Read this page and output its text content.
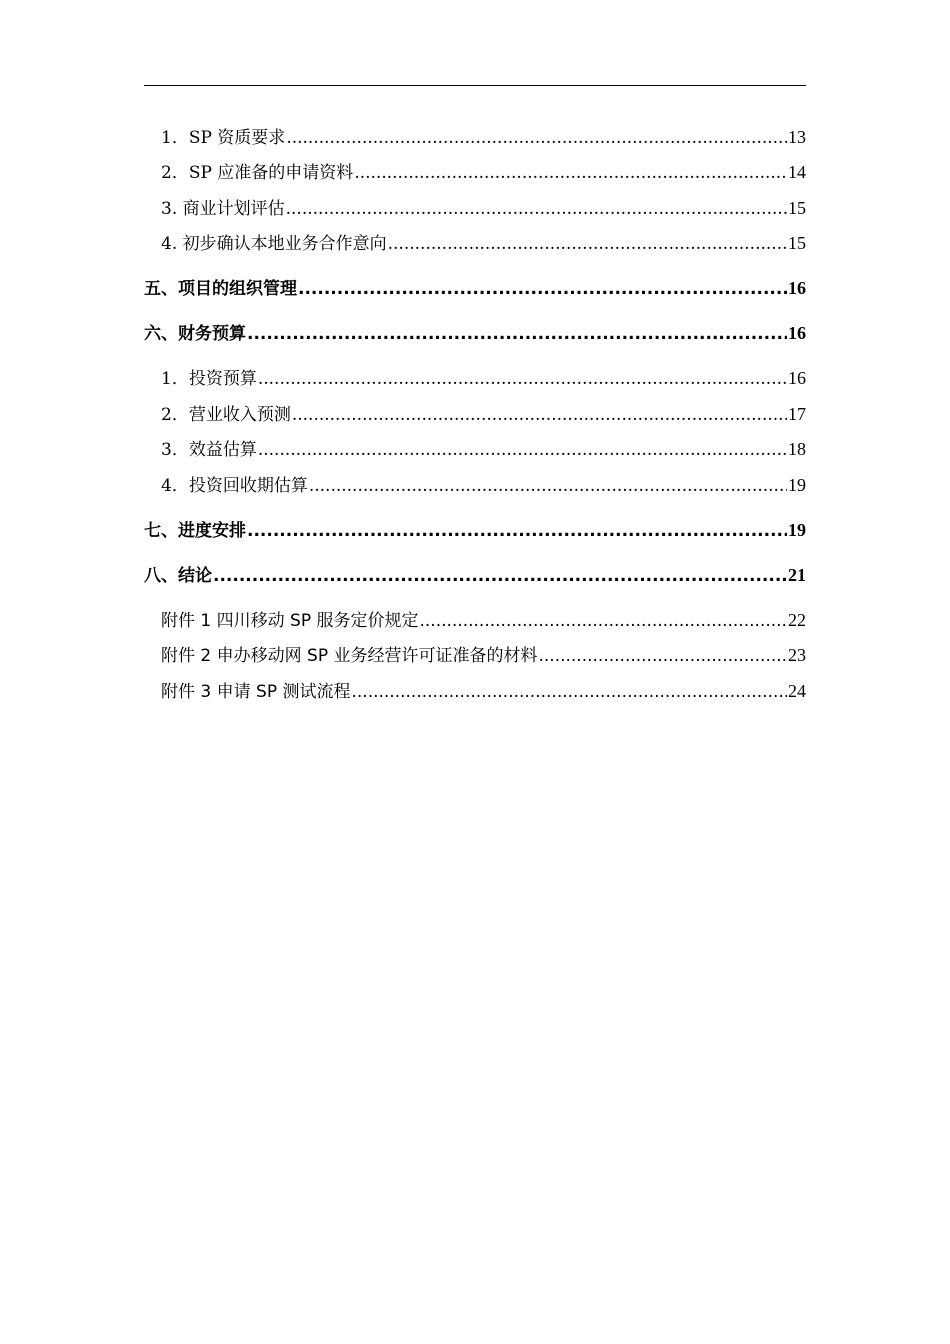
1．SP 资质要求 .....	13
2．SP 应准备的申请资料 .....	14
3. 商业计划评估 .....	15
4. 初步确认本地业务合作意向 .....	15
五、项目的组织管理 .....	16
六、财务预算 .....	16
1．投资预算 .....	16
2．营业收入预测 .....	17
3．效益估算 .....	18
4．投资回收期估算 .....	19
七、进度安排 .....	19
八、结论 .....	21
附件 1 四川移动 SP 服务定价规定 .....	22
附件 2 申办移动网 SP 业务经营许可证准备的材料 .....	23
附件 3 申请 SP 测试流程 .....	24
